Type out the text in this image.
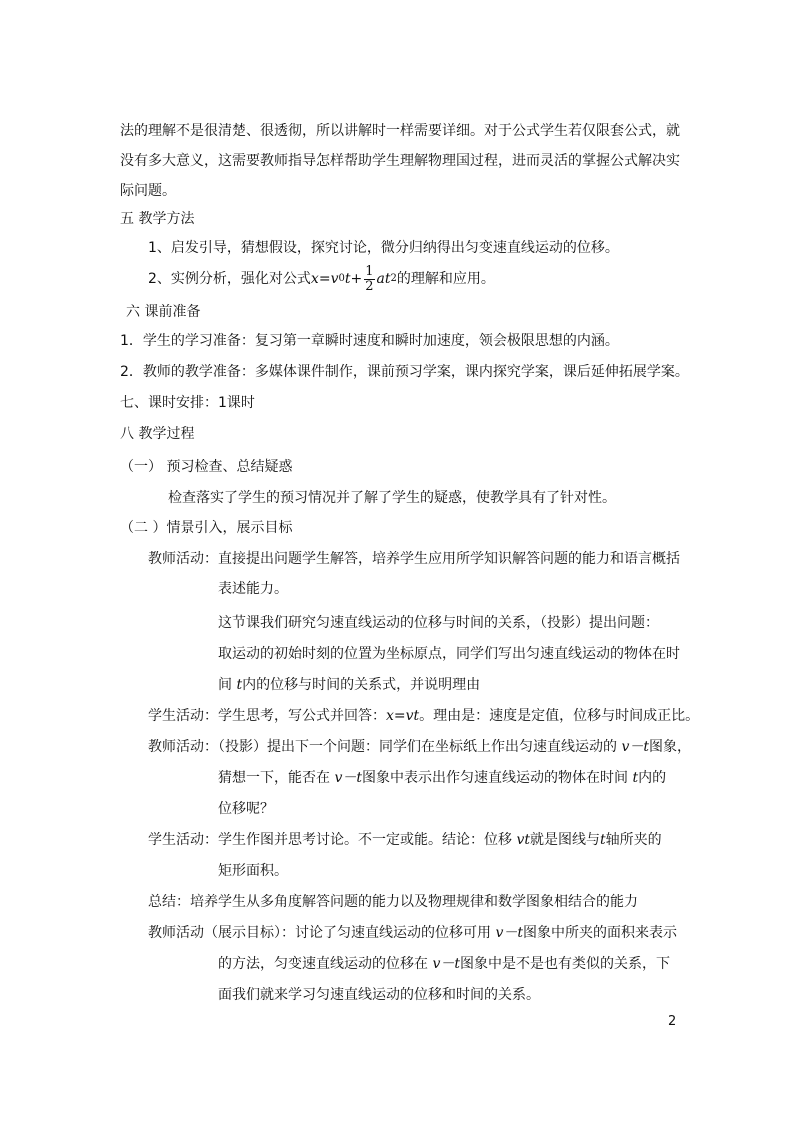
法的理解不是很清楚、很透彻，所以讲解时一样需要详细。对于公式学生若仅限套公式，就
没有多大意义，这需要教师指导怎样帮助学生理解物理国过程，进而灵活的掌握公式解决实
际问题。
五 教学方法
1、启发引导，猜想假设，探究讨论，微分归纳得出匀变速直线运动的位移。
2、实例分析，强化对公式 x = v 0 $t + \frac{1}{2}$ at 2 的理解和应用。
六 课前准备
1．学生的学习准备：复习第一章瞬时速度和瞬时加速度，领会极限思想的内涵。
2．教师的教学准备：多媒体课件制作，课前预习学案，课内探究学案，课后延伸拓展学案。
七、课时安排：1课时
八 教学过程
（一） 预习检查、总结疑惑
检查落实了学生的预习情况并了解了学生的疑惑，使教学具有了针对性。
（二 ）情景引入，展示目标
教师活动：直接提出问题学生解答，培养学生应用所学知识解答问题的能力和语言概括
表述能力。
这节课我们研究匀速直线运动的位移与时间的关系，（投影）提出问题：
取运动的初始时刻的位置为坐标原点，同学们写出匀速直线运动的物体在时
间 t内的位移与时间的关系式，并说明理由
学生活动：学生思考，写公式并回答：x=vt。理由是：速度是定值，位移与时间成正比。
教师活动：（投影）提出下一个问题：同学们在坐标纸上作出匀速直线运动的 v－t图象，
猜想一下，能否在 v－t图象中表示出作匀速直线运动的物体在时间 t内的
位移呢？
学生活动：学生作图并思考讨论。不一定或能。结论：位移 vt就是图线与t轴所夹的
矩形面积。
总结：培养学生从多角度解答问题的能力以及物理规律和数学图象相结合的能力
教师活动（展示目标）：讨论了匀速直线运动的位移可用 v－t图象中所夹的面积来表示
的方法，匀变速直线运动的位移在 v－t图象中是不是也有类似的关系，下
面我们就来学习匀速直线运动的位移和时间的关系。
2
